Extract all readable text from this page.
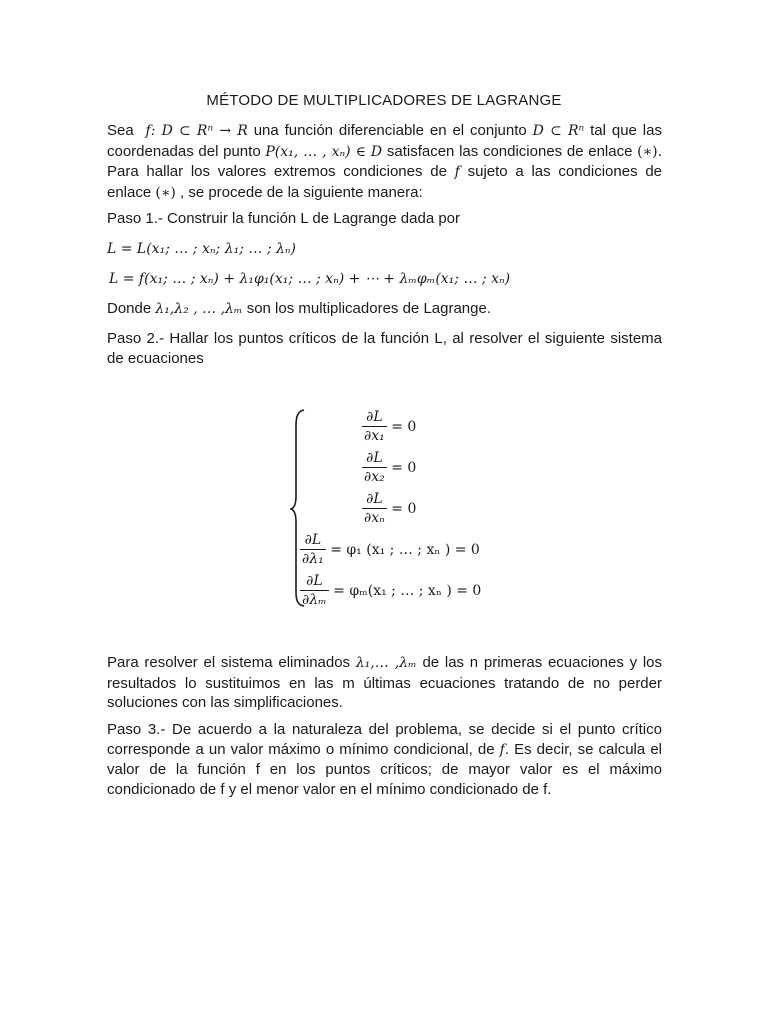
MÉTODO DE MULTIPLICADORES DE LAGRANGE
Sea f: D ⊂ Rⁿ → R una función diferenciable en el conjunto D ⊂ Rⁿ tal que las coordenadas del punto P(x₁, … , xₙ) ∈ D satisfacen las condiciones de enlace (∗). Para hallar los valores extremos condiciones de f sujeto a las condiciones de enlace (∗) , se procede de la siguiente manera:
Paso 1.- Construir la función L de Lagrange dada por
L = L(x₁; … ; xₙ; λ₁; … ; λₙ)
L = f(x₁; … ; xₙ) + λ₁φ₁(x₁; … ; xₙ) + ⋯ + λₘφₘ(x₁; … ; xₙ)
Donde λ₁,λ₂ , … ,λₘ son los multiplicadores de Lagrange.
Paso 2.- Hallar los puntos críticos de la función L, al resolver el siguiente sistema de ecuaciones
$\frac{\partial L}{\text{∂x₁}} = 0$
$\frac{\partial L}{\text{∂x₂}} = 0$
$\frac{\partial L}{\text{∂xₙ}} = 0$
$\frac{\partial L}{\text{∂λ₁}} = \varphi_1$ (x₁ ; … ; xₙ ) = 0
$\frac{\partial L}{\text{∂λₘ}} = \varphi_m(x_1$ ; … ; xₙ ) = 0
Para resolver el sistema eliminados λ₁,… ,λₘ de las n primeras ecuaciones y los resultados lo sustituimos en las m últimas ecuaciones tratando de no perder soluciones con las simplificaciones.
Paso 3.- De acuerdo a la naturaleza del problema, se decide si el punto crítico corresponde a un valor máximo o mínimo condicional, de f. Es decir, se calcula el valor de la función f en los puntos críticos; de mayor valor es el máximo condicionado de f y el menor valor en el mínimo condicionado de f.
